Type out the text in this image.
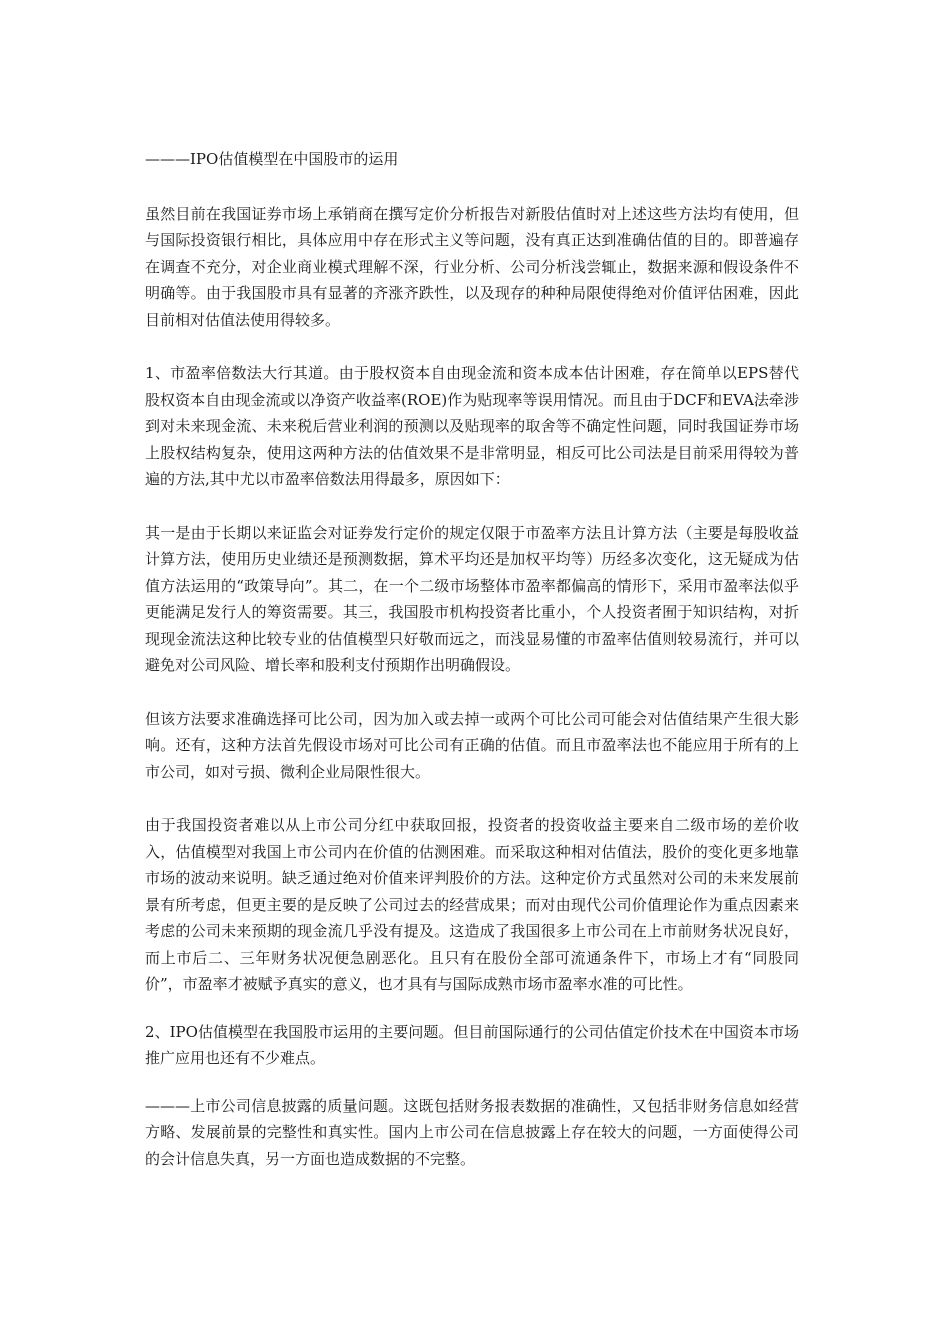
———IPO估值模型在中国股市的运用

虽然目前在我国证券市场上承销商在撰写定价分析报告对新股估值时对上述这些方法均有使用，但与国际投资银行相比，具体应用中存在形式主义等问题，没有真正达到准确估值的目的。即普遍存在调查不充分，对企业商业模式理解不深，行业分析、公司分析浅尝辄止，数据来源和假设条件不明确等。由于我国股市具有显著的齐涨齐跌性，以及现存的种种局限使得绝对价值评估困难，因此目前相对估值法使用得较多。

1、市盈率倍数法大行其道。由于股权资本自由现金流和资本成本估计困难，存在简单以EPS替代股权资本自由现金流或以净资产收益率(ROE)作为贴现率等误用情况。而且由于DCF和EVA法牵涉到对未来现金流、未来税后营业利润的预测以及贴现率的取舍等不确定性问题，同时我国证券市场上股权结构复杂，使用这两种方法的估值效果不是非常明显，相反可比公司法是目前采用得较为普遍的方法,其中尤以市盈率倍数法用得最多，原因如下：

其一是由于长期以来证监会对证券发行定价的规定仅限于市盈率方法且计算方法（主要是每股收益计算方法，使用历史业绩还是预测数据，算术平均还是加权平均等）历经多次变化，这无疑成为估值方法运用的“政策导向”。其二，在一个二级市场整体市盈率都偏高的情形下，采用市盈率法似乎更能满足发行人的筹资需要。其三，我国股市机构投资者比重小，个人投资者囿于知识结构，对折现现金流法这种比较专业的估值模型只好敬而远之，而浅显易懂的市盈率估值则较易流行，并可以避免对公司风险、增长率和股利支付预期作出明确假设。

但该方法要求准确选择可比公司，因为加入或去掉一或两个可比公司可能会对估值结果产生很大影响。还有，这种方法首先假设市场对可比公司有正确的估值。而且市盈率法也不能应用于所有的上市公司，如对亏损、微利企业局限性很大。

由于我国投资者难以从上市公司分红中获取回报，投资者的投资收益主要来自二级市场的差价收入，估值模型对我国上市公司内在价值的估测困难。而采取这种相对估值法，股价的变化更多地靠市场的波动来说明。缺乏通过绝对价值来评判股价的方法。这种定价方式虽然对公司的未来发展前景有所考虑，但更主要的是反映了公司过去的经营成果；而对由现代公司价值理论作为重点因素来考虑的公司未来预期的现金流几乎没有提及。这造成了我国很多上市公司在上市前财务状况良好，而上市后二、三年财务状况便急剧恶化。且只有在股份全部可流通条件下，市场上才有“同股同价”，市盈率才被赋予真实的意义，也才具有与国际成熟市场市盈率水准的可比性。

2、IPO估值模型在我国股市运用的主要问题。但目前国际通行的公司估值定价技术在中国资本市场推广应用也还有不少难点。

———上市公司信息披露的质量问题。这既包括财务报表数据的准确性，又包括非财务信息如经营方略、发展前景的完整性和真实性。国内上市公司在信息披露上存在较大的问题，一方面使得公司的会计信息失真，另一方面也造成数据的不完整。
